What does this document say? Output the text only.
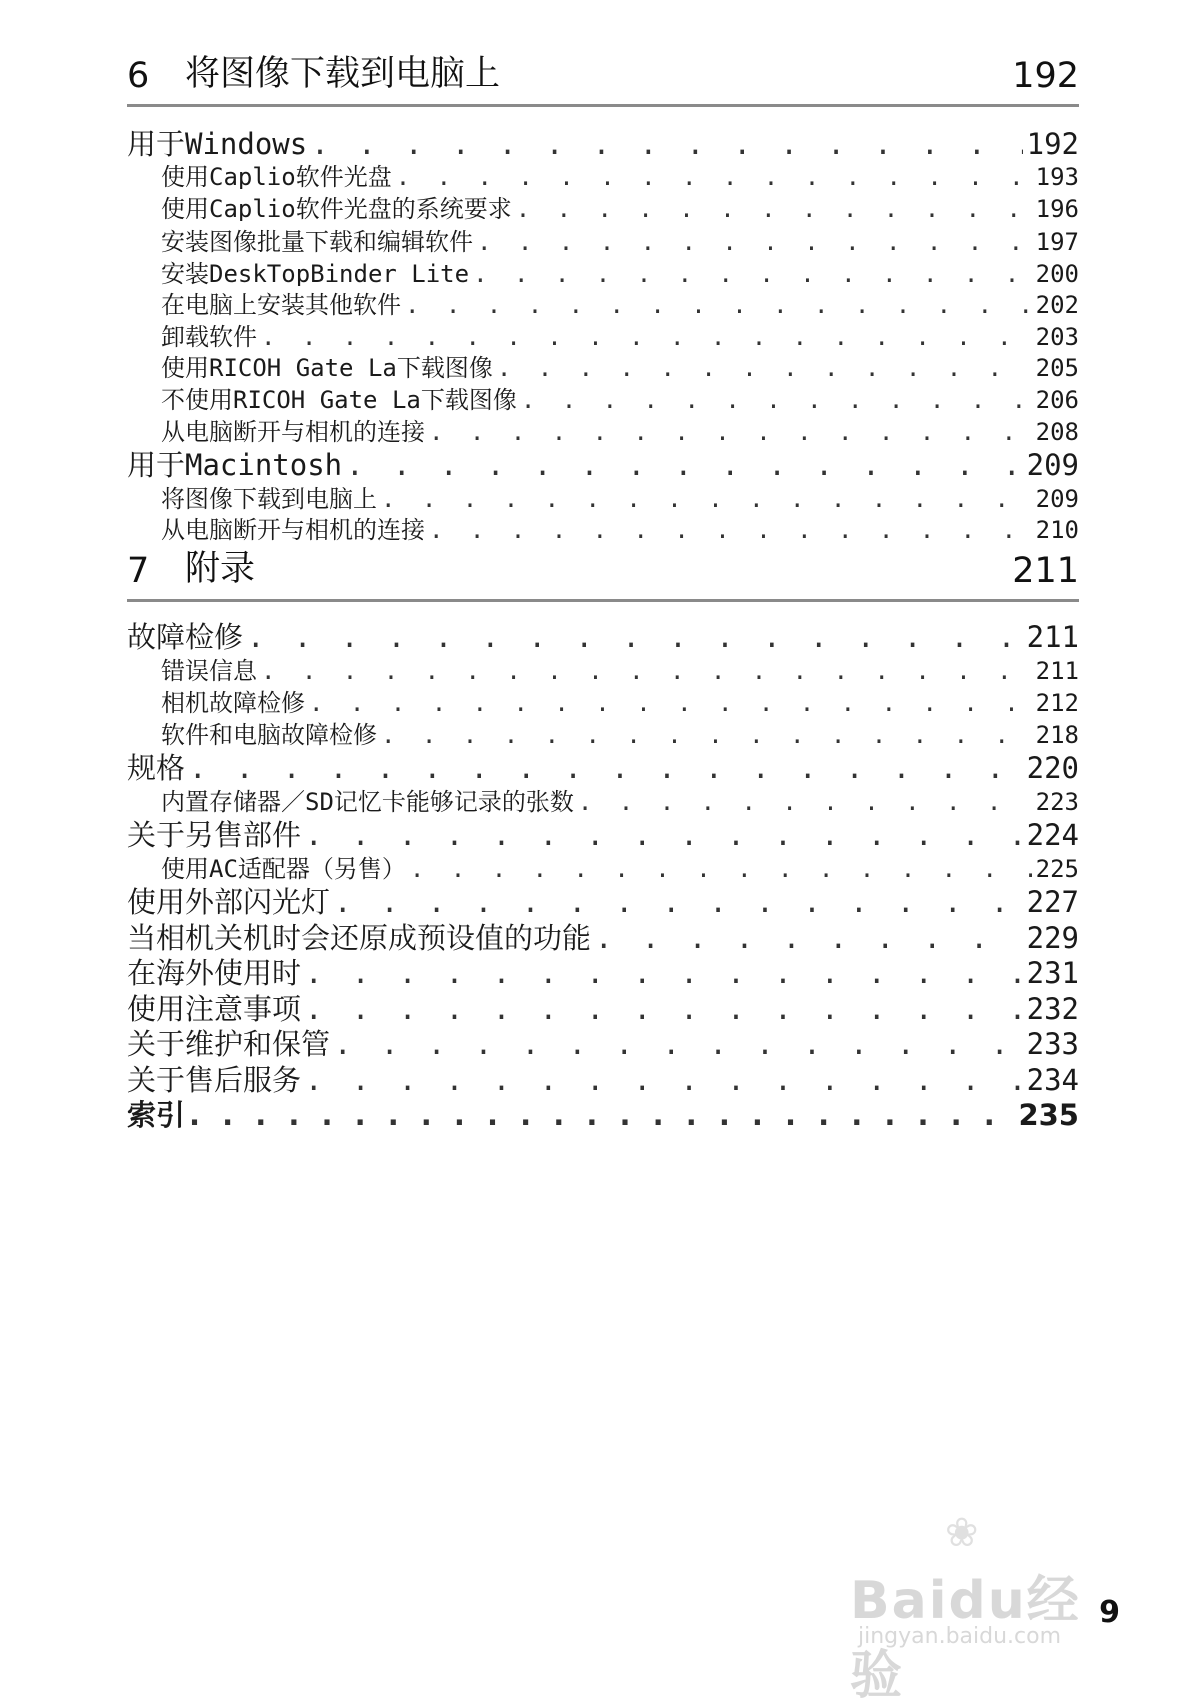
6 将图像下载到电脑上	192
用于Windows . . .	192
使用Caplio软件光盘 . . .	193
使用Caplio软件光盘的系统要求 . . .	196
安装图像批量下载和编辑软件 . . .	197
安装DeskTopBinder Lite . . .	200
在电脑上安装其他软件 . . .	202
卸载软件 . . .	203
使用RICOH Gate La下载图像 . . .	205
不使用RICOH Gate La下载图像 . . .	206
从电脑断开与相机的连接 . . .	208
用于Macintosh . . .	209
将图像下载到电脑上 . . .	209
从电脑断开与相机的连接 . . .	210
7 附录	211
故障检修 . . .	211
错误信息 . . .	211
相机故障检修 . . .	212
软件和电脑故障检修 . . .	218
规格 . . .	220
内置存储器／SD记忆卡能够记录的张数 . . .	223
关于另售部件 . . .	224
使用AC适配器（另售） . . .	225
使用外部闪光灯 . . .	227
当相机关机时会还原成预设值的功能 . . .	229
在海外使用时 . . .	231
使用注意事项 . . .	232
关于维护和保管 . . .	233
关于售后服务 . . .	234
索引 . . .	235
❀
Baidu经验
jingyan.baidu.com
9
